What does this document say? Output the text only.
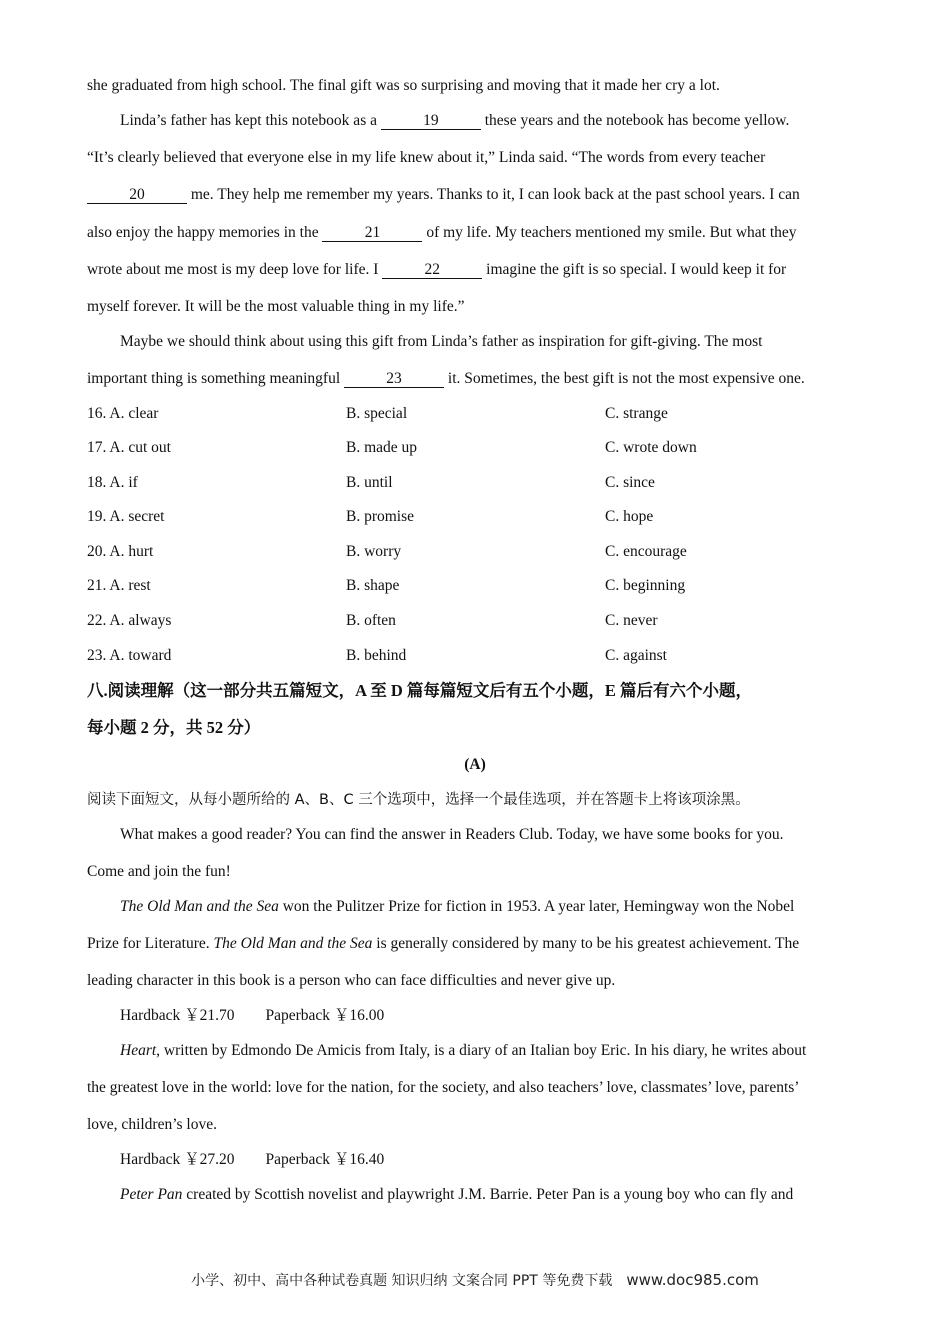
she graduated from high school. The final gift was so surprising and moving that it made her cry a lot.
Linda’s father has kept this notebook as a	19	these years and the notebook has become yellow.
“It’s clearly believed that everyone else in my life knew about it,” Linda said. “The words from every teacher
20	me. They help me remember my years. Thanks to it, I can look back at the past school years. I can
also enjoy the happy memories in the	21	of my life. My teachers mentioned my smile. But what they
wrote about me most is my deep love for life. I	22	imagine the gift is so special. I would keep it for
myself forever. It will be the most valuable thing in my life.”
Maybe we should think about using this gift from Linda’s father as inspiration for gift-giving. The most
important thing is something meaningful	23	it. Sometimes, the best gift is not the most expensive one.
16. A. clear	B. special	C. strange
17. A. cut out	B. made up	C. wrote down
18. A. if	B. until	C. since
19. A. secret	B. promise	C. hope
20. A. hurt	B. worry	C. encourage
21. A. rest	B. shape	C. beginning
22. A. always	B. often	C. never
23. A. toward	B. behind	C. against
八.阅读理解（这一部分共五篇短文，A 至 D 篇每篇短文后有五个小题，E 篇后有六个小题，
每小题 2 分，共 52 分）
(A)
阅读下面短文，从每小题所给的 A、B、C 三个选项中，选择一个最佳选项，并在答题卡上将该项涂黑。
What makes a good reader? You can find the answer in Readers Club. Today, we have some books for you.
Come and join the fun!
The Old Man and the Sea won the Pulitzer Prize for fiction in 1953. A year later, Hemingway won the Nobel
Prize for Literature. The Old Man and the Sea is generally considered by many to be his greatest achievement. The
leading character in this book is a person who can face difficulties and never give up.
Hardback ￥21.70　　Paperback ￥16.00
Heart, written by Edmondo De Amicis from Italy, is a diary of an Italian boy Eric. In his diary, he writes about
the greatest love in the world: love for the nation, for the society, and also teachers’ love, classmates’ love, parents’
love, children’s love.
Hardback ￥27.20　　Paperback ￥16.40
Peter Pan created by Scottish novelist and playwright J.M. Barrie. Peter Pan is a young boy who can fly and
小学、初中、高中各种试卷真题 知识归纳 文案合同 PPT 等免费下载 www.doc985.com
